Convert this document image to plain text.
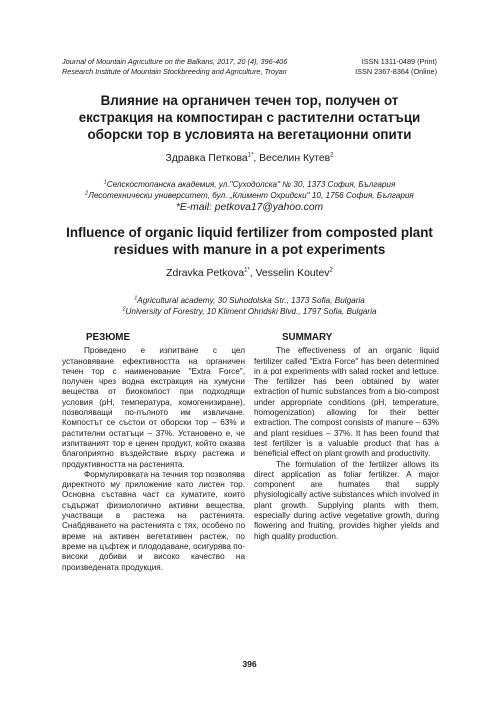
Journal of Mountain Agriculture on the Balkans, 2017, 20 (4), 396-406	ISSN 1311-0489 (Print)
Research Institute of Mountain Stockbreeding and Agriculture, Troyan	ISSN 2367-8364 (Online)
Влияние на органичен течен тор, получен от
екстракция на компостиран с растителни остатъци
оборски тор в условията на вегетационни опити
Здравка Петкова$^{1*}$, Веселин Кутев$^2$
$^1$Селскостопанска академия, ул."Суходолска" № 30, 1373 София, България
$^2$Лесотехнически университет, бул. „Климент Охридски" 10, 1756 София, България
*E-mail: petkova17@yahoo.com
Influence of organic liquid fertilizer from composted plant
residues with manure in a pot experiments
Zdravka Petkova$^{1*}$, Vesselin Koutev$^2$
$^1$Agricultural academy, 30 Suhodolska Str., 1373 Sofia, Bulgaria
$^2$University of Forestry, 10 Kliment Ohridski Blvd., 1797 Sofia, Bulgaria
РЕЗЮМЕ

Проведено е изпитване с цел установяване ефективността на органичен течен тор с наименование "Extra Force", получен чрез водна екстракция на хумусни вещества от биокомпост при подходящи условия (pH, температура, хомогенизиране), позволяващи по-пълното им извличане. Компостът се състои от оборски тор – 63% и растителни остатъци – 37%. Установено е, че изпитваният тор е ценен продукт, който оказва благоприятно въздействие върху растежа и продуктивността на растенията.

Формулировката на течния тор позволява директното му приложение като листен тор. Основна съставна част са хуматите, които съдържат физиологично активни вещества, участващи в растежа на растенията. Снабдяването на растенията с тях, особено по време на активен вегетативен растеж, по време на цъфтеж и плододаване, осигурява по-високи добиви и високо качество на произведената продукция.

SUMMARY

The effectiveness of an organic liquid fertilizer called "Extra Force" has been determined in a pot experiments with salad rocket and lettuce. The fertilizer has been obtained by water extraction of humic substances from a bio-compost under appropriate conditions (pH, temperature, homogenization) allowing for their better extraction. The compost consists of manure – 63% and plant residues – 37%. It has been found that test fertilizer is a valuable product that has a beneficial effect on plant growth and productivity.

The formulation of the fertilizer allows its direct application as foliar fertilizer. A major component are humates that supply physiologically active substances which involved in plant growth. Supplying plants with them, especially during active vegetative growth, during flowering and fruiting, provides higher yields and high quality production.

396
